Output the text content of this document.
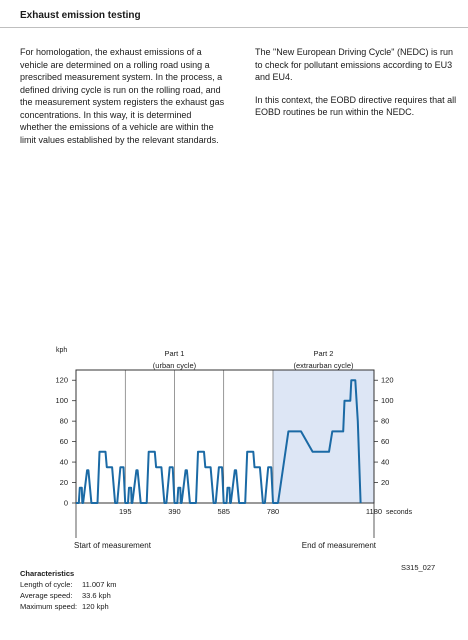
Exhaust emission testing

For homologation, the exhaust emissions of a vehicle are determined on a rolling road using a prescribed measurement system. In the process, a defined driving cycle is run on the rolling road, and the measurement system registers the exhaust gas concentrations. In this way, it is determined whether the emissions of a vehicle are within the limit values established by the relevant standards.

The "New European Driving Cycle" (NEDC) is run to check for pollutant emissions according to EU3 and EU4.

In this context, the EOBD directive requires that all EOBD routines be run within the NEDC.

0
20	20
40	40
60	60
80	80
100	100
120	120
195	390	585	780	1180 seconds
kph	Part 1
(urban cycle)
Part 2
(extraurban cycle)
Start of measurement	End of measurement
S315_027
Characteristics
Length of cycle:	11.007 km
Average speed:	33.6 kph
Maximum speed: 120 kph
